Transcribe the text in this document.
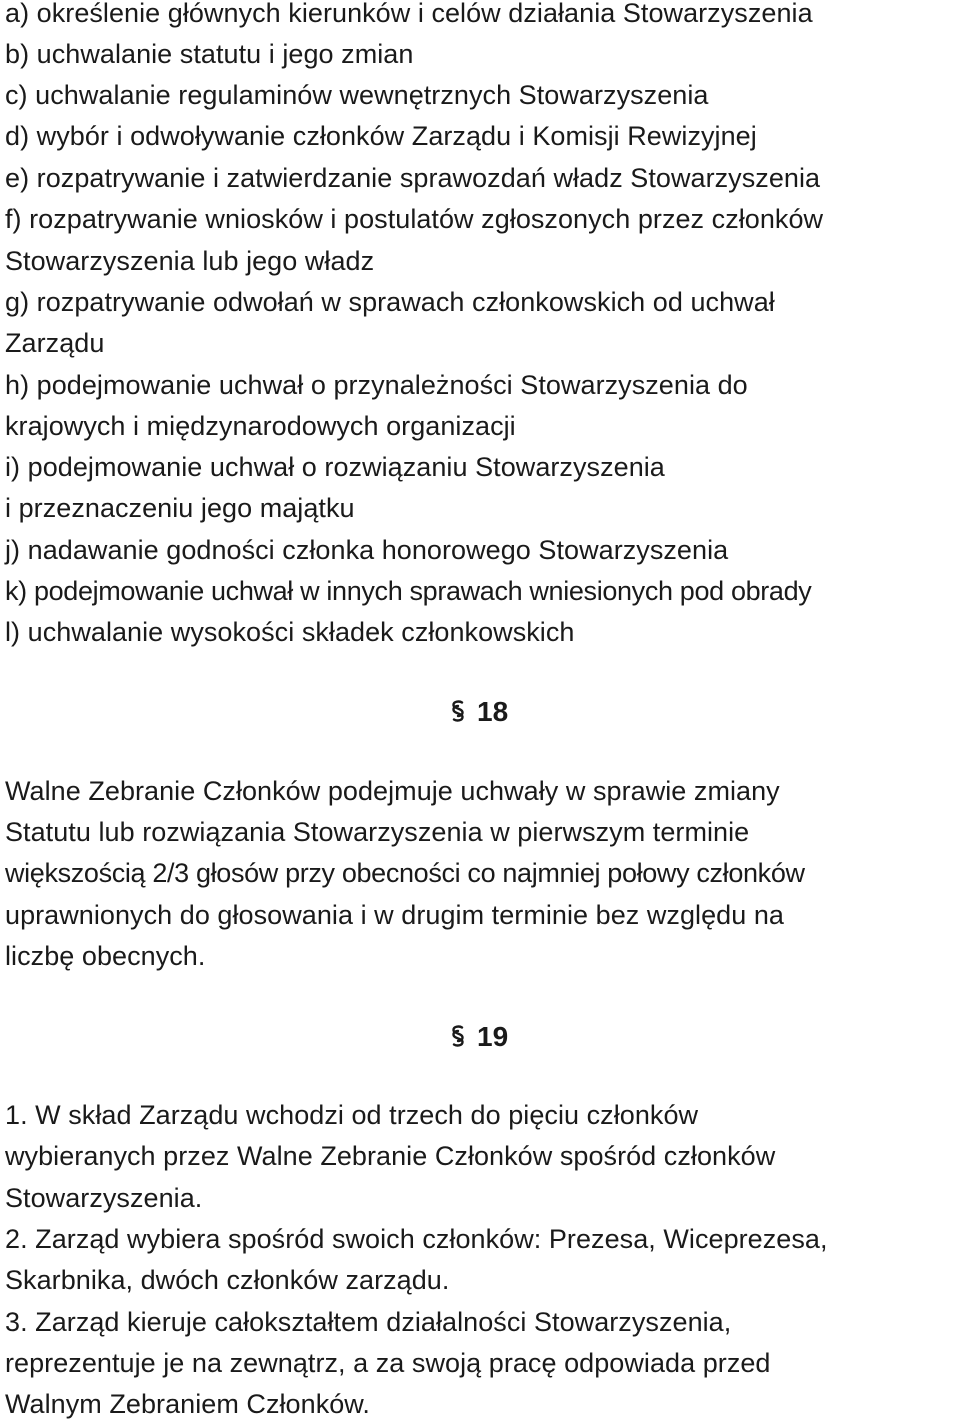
a) określenie głównych kierunków i celów działania Stowarzyszenia
b) uchwalanie statutu i jego zmian
c) uchwalanie regulaminów wewnętrznych Stowarzyszenia
d) wybór i odwoływanie członków Zarządu i Komisji Rewizyjnej
e) rozpatrywanie i zatwierdzanie sprawozdań władz Stowarzyszenia
f) rozpatrywanie wniosków i postulatów zgłoszonych przez członków
Stowarzyszenia lub jego władz
g) rozpatrywanie odwołań w sprawach członkowskich od uchwał
Zarządu
h) podejmowanie uchwał o przynależności Stowarzyszenia do
krajowych i międzynarodowych organizacji
i) podejmowanie uchwał o rozwiązaniu Stowarzyszenia
i przeznaczeniu jego majątku
j) nadawanie godności członka honorowego Stowarzyszenia
k) podejmowanie uchwał w innych sprawach wniesionych pod obrady
l) uchwalanie wysokości składek członkowskich
18
Walne Zebranie Członków podejmuje uchwały w sprawie zmiany
Statutu lub rozwiązania Stowarzyszenia w pierwszym terminie
większością 2/3 głosów przy obecności co najmniej połowy członków
uprawnionych do głosowania i w drugim terminie bez względu na
liczbę obecnych.
19
1. W skład Zarządu wchodzi od trzech do pięciu członków
wybieranych przez Walne Zebranie Członków spośród członków
Stowarzyszenia.
2. Zarząd wybiera spośród swoich członków: Prezesa, Wiceprezesa,
Skarbnika, dwóch członków zarządu.
3. Zarząd kieruje całokształtem działalności Stowarzyszenia,
reprezentuje je na zewnątrz, a za swoją pracę odpowiada przed
Walnym Zebraniem Członków.
